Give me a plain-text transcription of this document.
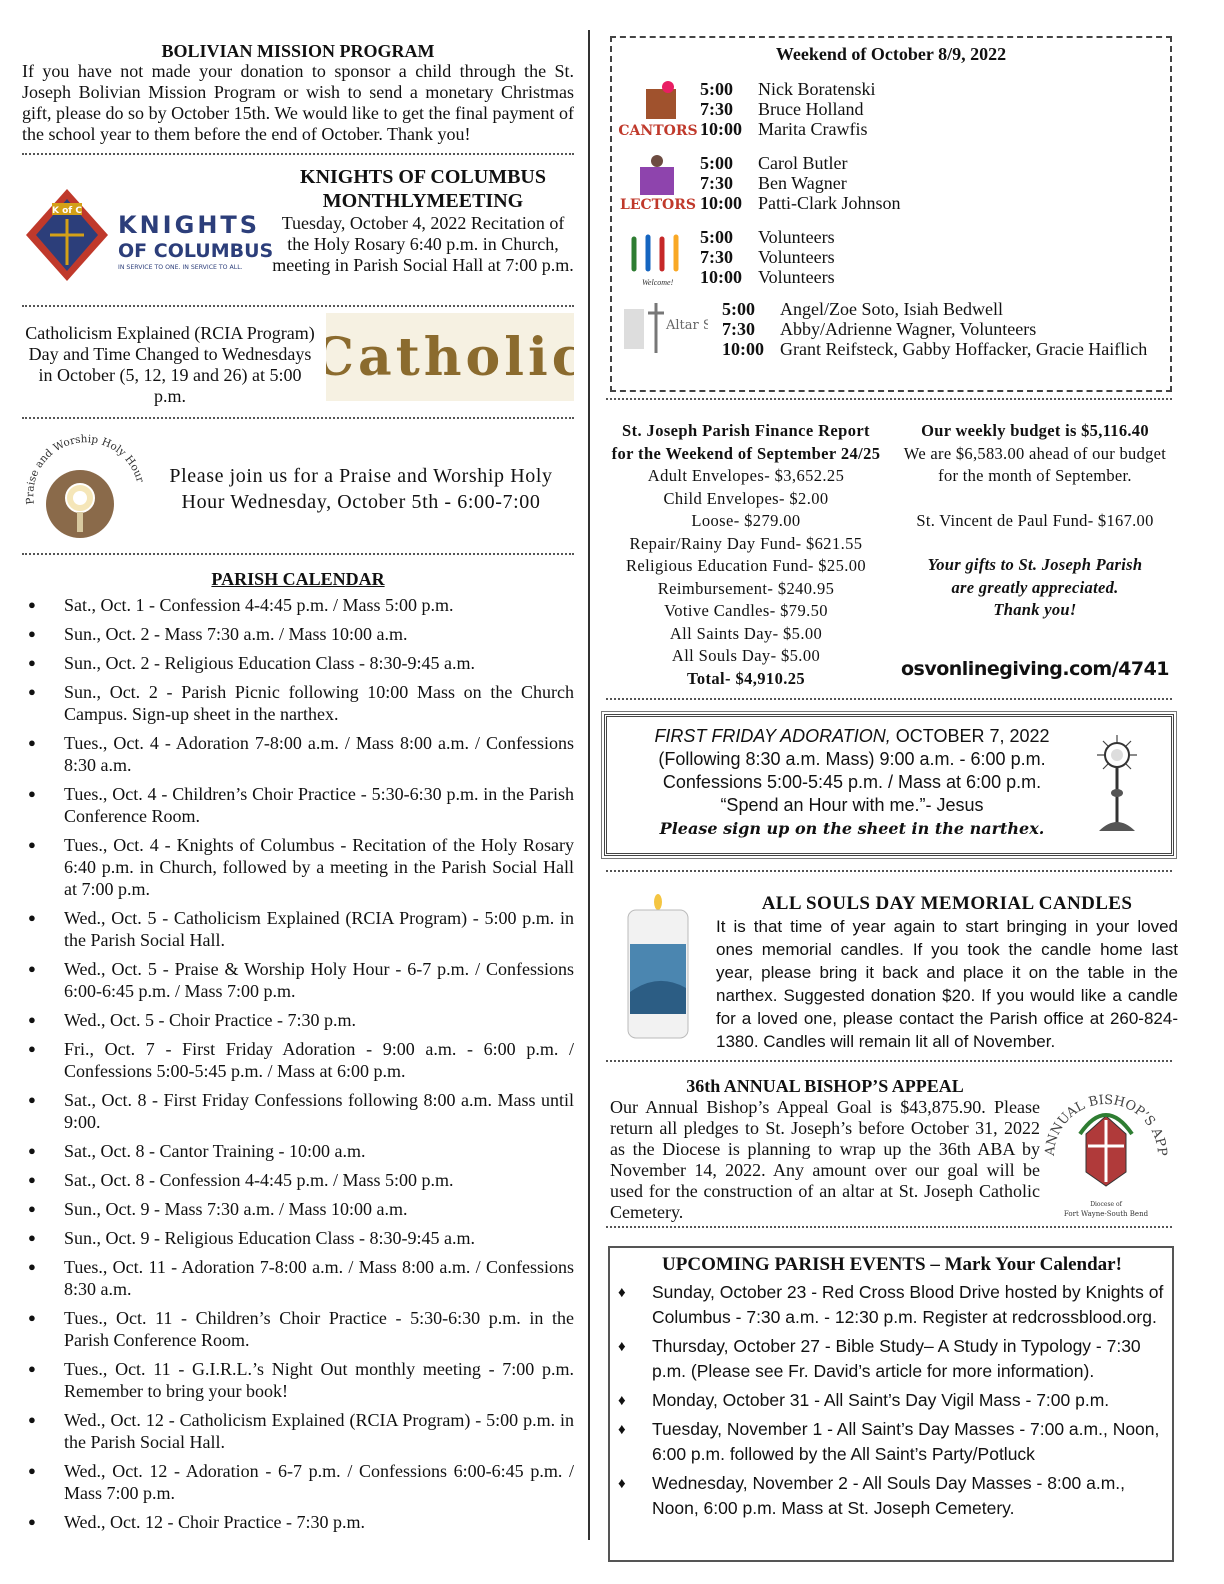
BOLIVIAN MISSION PROGRAM
If you have not made your donation to sponsor a child through the St. Joseph Bolivian Mission Program or wish to send a monetary Christmas gift, please do so by October 15th. We would like to get the final payment of the school year to them before the end of October. Thank you!
K of C KNIGHTS
OF COLUMBUS
IN SERVICE TO ONE. IN SERVICE TO ALL.
KNIGHTS OF COLUMBUS
MONTHLYMEETING
Tuesday, October 4, 2022 Recitation of the Holy Rosary 6:40 p.m. in Church, meeting in Parish Social Hall at 7:00 p.m.
Catholicism Explained (RCIA Program) Day and Time Changed to Wednesdays in October (5, 12, 19 and 26) at 5:00 p.m.
Catholic
Praise and Worship Holy Hour	Please join us for a Praise and Worship Holy Hour Wednesday, October 5th - 6:00-7:00
PARISH CALENDAR
● Sat., Oct. 1 - Confession 4-4:45 p.m. / Mass 5:00 p.m.
● Sun., Oct. 2 - Mass 7:30 a.m. / Mass 10:00 a.m.
● Sun., Oct. 2 - Religious Education Class - 8:30-9:45 a.m.
● Sun., Oct. 2 - Parish Picnic following 10:00 Mass on the Church Campus. Sign-up sheet in the narthex.
● Tues., Oct. 4 - Adoration 7-8:00 a.m. / Mass 8:00 a.m. / Confessions 8:30 a.m.
● Tues., Oct. 4 - Children’s Choir Practice - 5:30-6:30 p.m. in the Parish Conference Room.
● Tues., Oct. 4 - Knights of Columbus - Recitation of the Holy Rosary 6:40 p.m. in Church, followed by a meeting in the Parish Social Hall at 7:00 p.m.
● Wed., Oct. 5 - Catholicism Explained (RCIA Program) - 5:00 p.m. in the Parish Social Hall.
● Wed., Oct. 5 - Praise & Worship Holy Hour - 6-7 p.m. / Confessions 6:00-6:45 p.m. / Mass 7:00 p.m.
● Wed., Oct. 5 - Choir Practice - 7:30 p.m.
● Fri., Oct. 7 - First Friday Adoration - 9:00 a.m. - 6:00 p.m. / Confessions 5:00-5:45 p.m. / Mass at 6:00 p.m.
● Sat., Oct. 8 - First Friday Confessions following 8:00 a.m. Mass until 9:00.
● Sat., Oct. 8 - Cantor Training - 10:00 a.m.
● Sat., Oct. 8 - Confession 4-4:45 p.m. / Mass 5:00 p.m.
● Sun., Oct. 9 - Mass 7:30 a.m. / Mass 10:00 a.m.
● Sun., Oct. 9 - Religious Education Class - 8:30-9:45 a.m.
● Tues., Oct. 11 - Adoration 7-8:00 a.m. / Mass 8:00 a.m. / Confessions 8:30 a.m.
● Tues., Oct. 11 - Children’s Choir Practice - 5:30-6:30 p.m. in the Parish Conference Room.
● Tues., Oct. 11 - G.I.R.L.’s Night Out monthly meeting - 7:00 p.m. Remember to bring your book!
● Wed., Oct. 12 - Catholicism Explained (RCIA Program) - 5:00 p.m. in the Parish Social Hall.
● Wed., Oct. 12 - Adoration - 6-7 p.m. / Confessions 6:00-6:45 p.m. / Mass 7:00 p.m.
● Wed., Oct. 12 - Choir Practice - 7:30 p.m.
Weekend of October 8/9, 2022
CANTORS
5:00 Nick Boratenski
7:30 Bruce Holland
10:00 Marita Crawfis
LECTORS
5:00 Carol Butler
7:30 Ben Wagner
10:00 Patti-Clark Johnson
Welcome!
5:00 Volunteers
7:30 Volunteers
10:00 Volunteers
Altar S
5:00 Angel/Zoe Soto, Isiah Bedwell
7:30 Abby/Adrienne Wagner, Volunteers
10:00 Grant Reifsteck, Gabby Hoffacker, Gracie Haiflich
St. Joseph Parish Finance Report
for the Weekend of September 24/25
Adult Envelopes- $3,652.25
Child Envelopes- $2.00
Loose- $279.00
Repair/Rainy Day Fund- $621.55
Religious Education Fund- $25.00
Reimbursement- $240.95
Votive Candles- $79.50
All Saints Day- $5.00
All Souls Day- $5.00
Total- $4,910.25
Our weekly budget is $5,116.40
We are $6,583.00 ahead of our budget for the month of September.
St. Vincent de Paul Fund- $167.00
Your gifts to St. Joseph Parish
are greatly appreciated.
Thank you!
osvonlinegiving.com/4741
FIRST FRIDAY ADORATION, OCTOBER 7, 2022
(Following 8:30 a.m. Mass) 9:00 a.m. - 6:00 p.m.
Confessions 5:00-5:45 p.m. / Mass at 6:00 p.m.
“Spend an Hour with me.”- Jesus
Please sign up on the sheet in the narthex.
ALL SOULS DAY MEMORIAL CANDLES
It is that time of year again to start bringing in your loved ones memorial candles. If you took the candle home last year, please bring it back and place it on the table in the narthex. Suggested donation $20. If you would like a candle for a loved one, please contact the Parish office at 260-824-1380. Candles will remain lit all of November.
36th ANNUAL BISHOP’S APPEAL
Our Annual Bishop’s Appeal Goal is $43,875.90. Please return all pledges to St. Joseph’s before October 31, 2022 as the Diocese is planning to wrap up the 36th ABA by November 14, 2022. Any amount over our goal will be used for the construction of an altar at St. Joseph Catholic Cemetery.
ANNUAL BISHOP’S APP
Diocese of
Fort Wayne-South Bend
UPCOMING PARISH EVENTS – Mark Your Calendar!
♦ Sunday, October 23 - Red Cross Blood Drive hosted by Knights of Columbus - 7:30 a.m. - 12:30 p.m. Register at redcrossblood.org.
♦ Thursday, October 27 - Bible Study– A Study in Typology - 7:30 p.m. (Please see Fr. David’s article for more information).
♦ Monday, October 31 - All Saint’s Day Vigil Mass - 7:00 p.m.
♦ Tuesday, November 1 - All Saint’s Day Masses - 7:00 a.m., Noon, 6:00 p.m. followed by the All Saint’s Party/Potluck
♦ Wednesday, November 2 - All Souls Day Masses - 8:00 a.m., Noon, 6:00 p.m. Mass at St. Joseph Cemetery.
